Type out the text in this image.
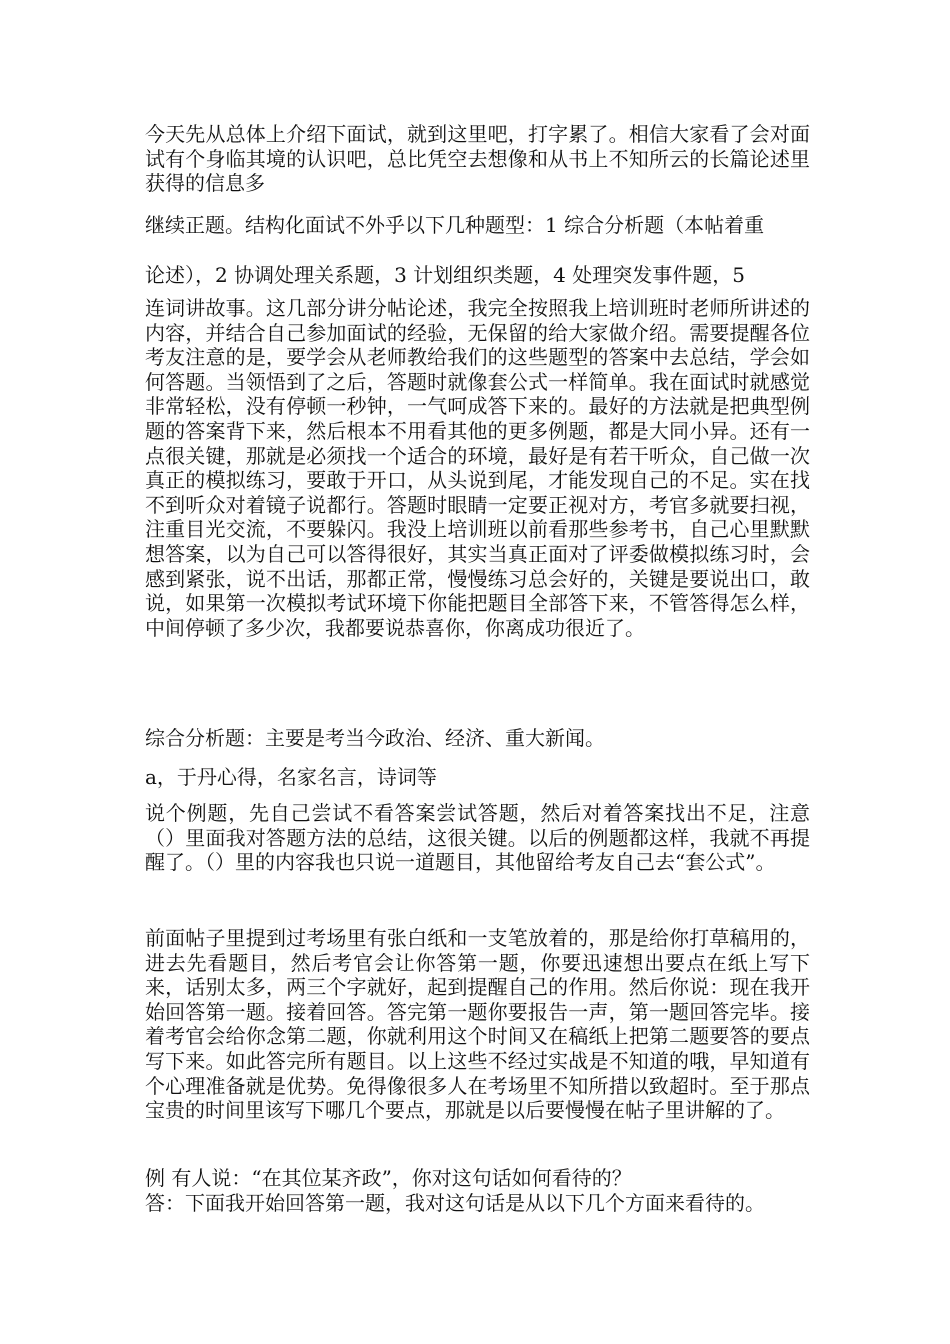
今天先从总体上介绍下面试，就到这里吧，打字累了。相信大家看了会对面试有个身临其境的认识吧，总比凭空去想像和从书上不知所云的长篇论述里获得的信息多

继续正题。结构化面试不外乎以下几种题型：1 综合分析题（本帖着重
论述），2 协调处理关系题，3 计划组织类题，4 处理突发事件题，5

连词讲故事。这几部分讲分帖论述，我完全按照我上培训班时老师所讲述的内容，并结合自己参加面试的经验，无保留的给大家做介绍。需要提醒各位考友注意的是，要学会从老师教给我们的这些题型的答案中去总结，学会如何答题。当领悟到了之后，答题时就像套公式一样简单。我在面试时就感觉非常轻松，没有停顿一秒钟，一气呵成答下来的。最好的方法就是把典型例题的答案背下来，然后根本不用看其他的更多例题，都是大同小异。还有一点很关键，那就是必须找一个适合的环境，最好是有若干听众，自己做一次真正的模拟练习，要敢于开口，从头说到尾，才能发现自己的不足。实在找不到听众对着镜子说都行。答题时眼睛一定要正视对方，考官多就要扫视，注重目光交流，不要躲闪。我没上培训班以前看那些参考书，自己心里默默想答案，以为自己可以答得很好，其实当真正面对了评委做模拟练习时，会感到紧张，说不出话，那都正常，慢慢练习总会好的，关键是要说出口，敢说，如果第一次模拟考试环境下你能把题目全部答下来，不管答得怎么样，中间停顿了多少次，我都要说恭喜你，你离成功很近了。

综合分析题：主要是考当今政治、经济、重大新闻。

a，于丹心得，名家名言，诗词等

说个例题，先自己尝试不看答案尝试答题，然后对着答案找出不足，注意（）里面我对答题方法的总结，这很关键。以后的例题都这样，我就不再提醒了。（）里的内容我也只说一道题目，其他留给考友自己去“套公式”。

前面帖子里提到过考场里有张白纸和一支笔放着的，那是给你打草稿用的，进去先看题目，然后考官会让你答第一题，你要迅速想出要点在纸上写下来，话别太多，两三个字就好，起到提醒自己的作用。然后你说：现在我开始回答第一题。接着回答。答完第一题你要报告一声，第一题回答完毕。接着考官会给你念第二题，你就利用这个时间又在稿纸上把第二题要答的要点写下来。如此答完所有题目。以上这些不经过实战是不知道的哦，早知道有个心理准备就是优势。免得像很多人在考场里不知所措以致超时。至于那点宝贵的时间里该写下哪几个要点，那就是以后要慢慢在帖子里讲解的了。

例 有人说：“在其位某齐政”，你对这句话如何看待的？
答：下面我开始回答第一题，我对这句话是从以下几个方面来看待的。
